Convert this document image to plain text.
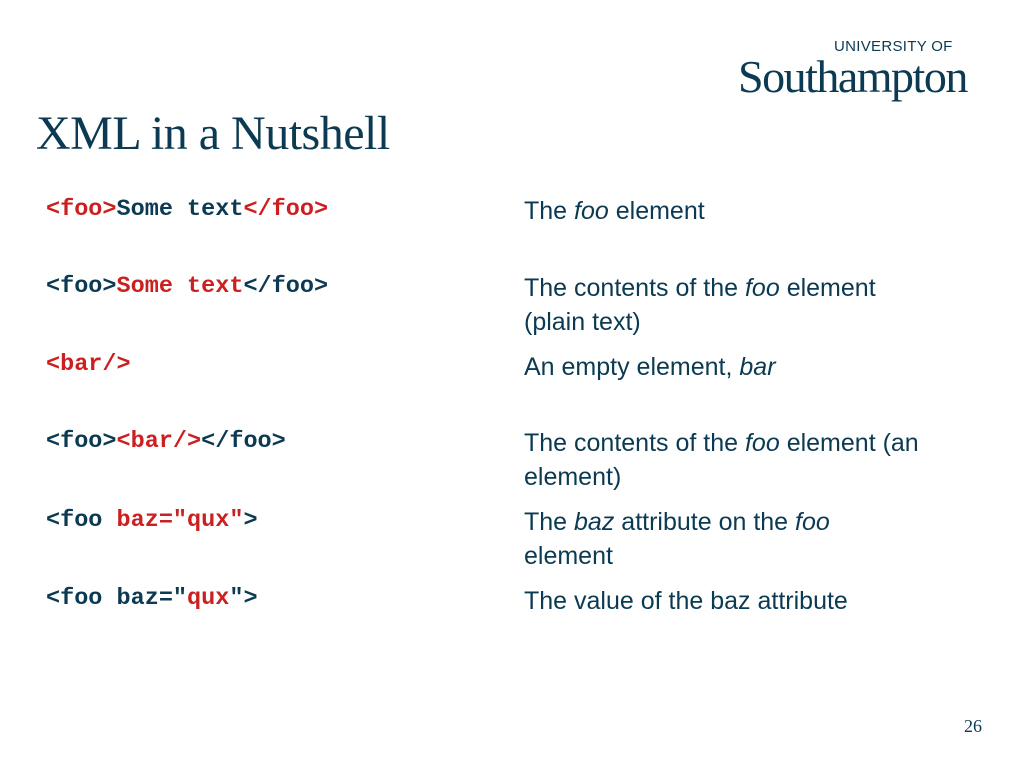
UNIVERSITY OF
Southampton
XML in a Nutshell
<foo>Some text</foo>	The foo element
<foo>Some text</foo>	The contents of the foo element (plain text)
<bar/>	An empty element, bar
<foo><bar/></foo>	The contents of the foo element (an element)
<foo baz="qux">	The baz attribute on the foo element
<foo baz="qux">	The value of the baz attribute
26
